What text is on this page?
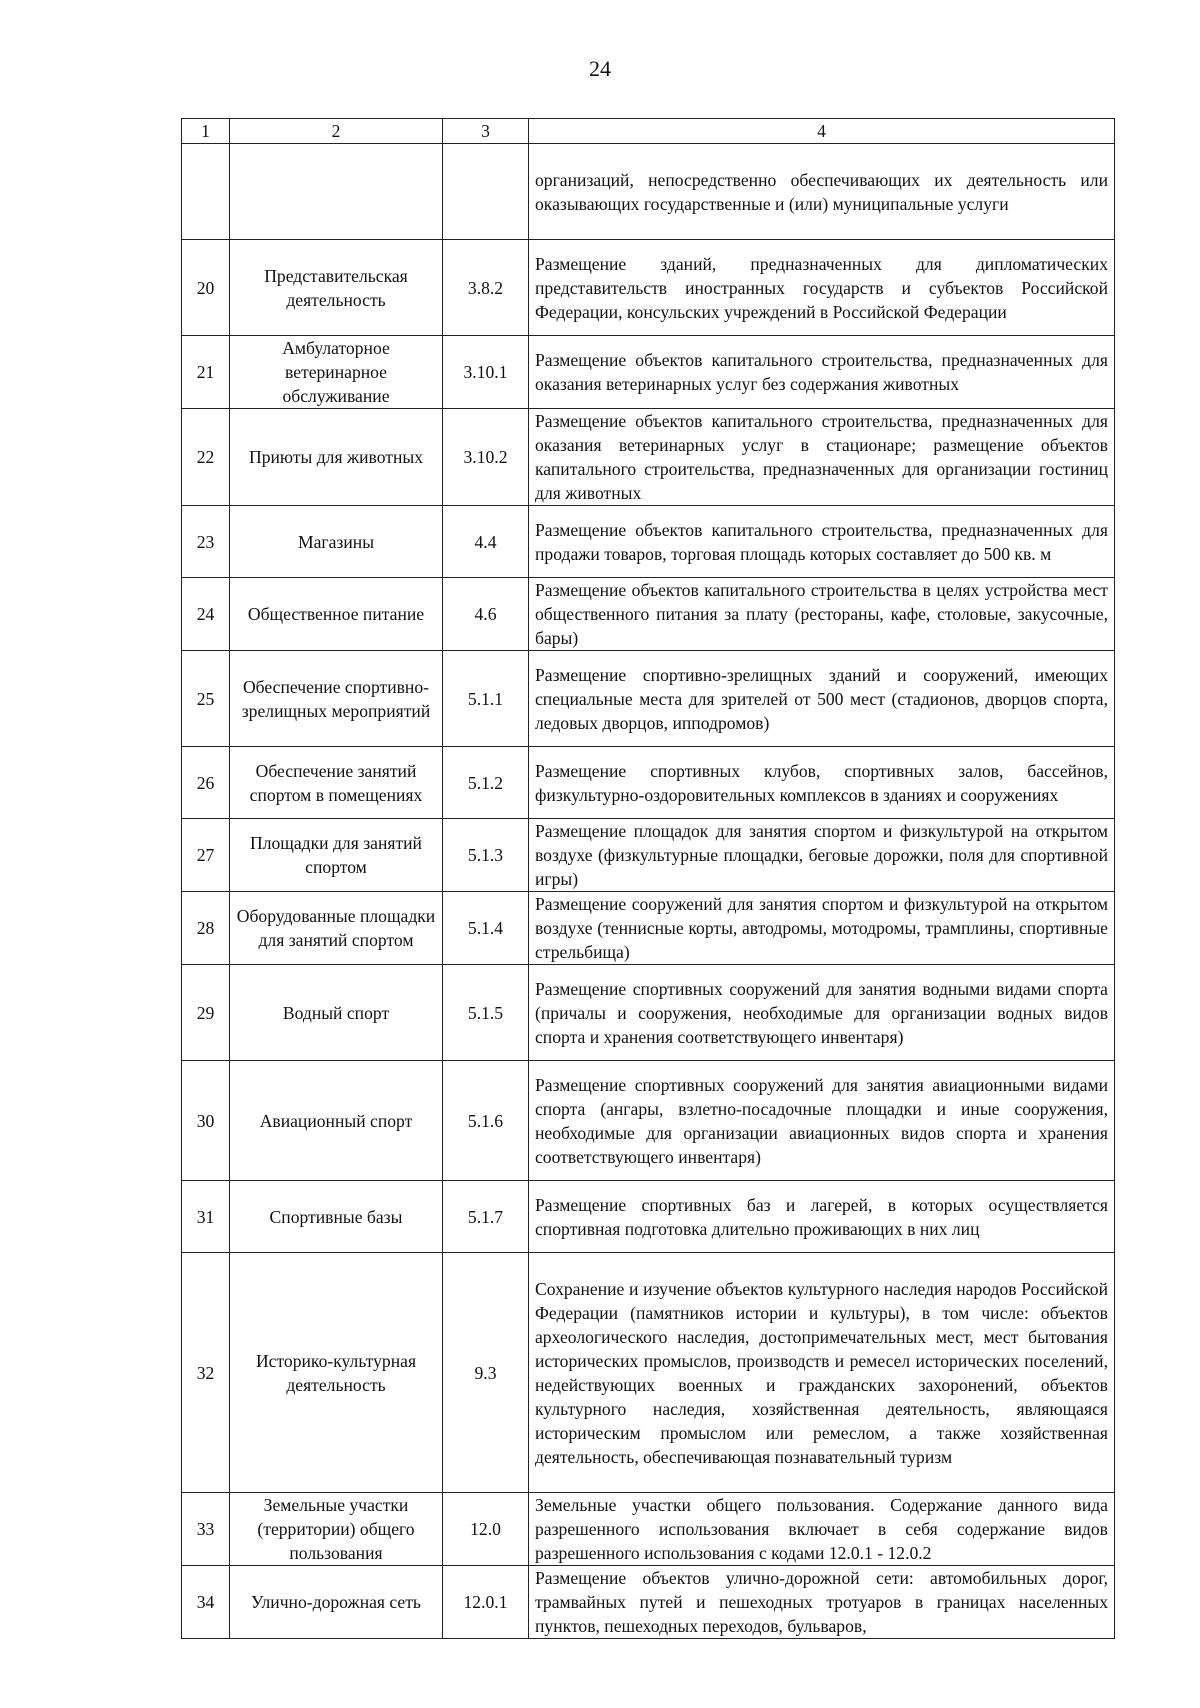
24
1	2	3	4
			организаций, непосредственно обеспечивающих их деятельность или оказывающих государственные и (или) муниципальные услуги
20	Представительская деятельность	3.8.2	Размещение зданий, предназначенных для дипломатических представительств иностранных государств и субъектов Российской Федерации, консульских учреждений в Российской Федерации
21	Амбулаторное ветеринарное обслуживание	3.10.1	Размещение объектов капитального строительства, предназначенных для оказания ветеринарных услуг без содержания животных
22	Приюты для животных	3.10.2	Размещение объектов капитального строительства, предназначенных для оказания ветеринарных услуг в стационаре; размещение объектов капитального строительства, предназначенных для организации гостиниц для животных
23	Магазины	4.4	Размещение объектов капитального строительства, предназначенных для продажи товаров, торговая площадь которых составляет до 500 кв. м
24	Общественное питание	4.6	Размещение объектов капитального строительства в целях устройства мест общественного питания за плату (рестораны, кафе, столовые, закусочные, бары)
25	Обеспечение спортивно-зрелищных мероприятий	5.1.1	Размещение спортивно-зрелищных зданий и сооружений, имеющих специальные места для зрителей от 500 мест (стадионов, дворцов спорта, ледовых дворцов, ипподромов)
26	Обеспечение занятий спортом в помещениях	5.1.2	Размещение спортивных клубов, спортивных залов, бассейнов, физкультурно-оздоровительных комплексов в зданиях и сооружениях
27	Площадки для занятий спортом	5.1.3	Размещение площадок для занятия спортом и физкультурой на открытом воздухе (физкультурные площадки, беговые дорожки, поля для спортивной игры)
28	Оборудованные площадки для занятий спортом	5.1.4	Размещение сооружений для занятия спортом и физкультурой на открытом воздухе (теннисные корты, автодромы, мотодромы, трамплины, спортивные стрельбища)
29	Водный спорт	5.1.5	Размещение спортивных сооружений для занятия водными видами спорта (причалы и сооружения, необходимые для организации водных видов спорта и хранения соответствующего инвентаря)
30	Авиационный спорт	5.1.6	Размещение спортивных сооружений для занятия авиационными видами спорта (ангары, взлетно-посадочные площадки и иные сооружения, необходимые для организации авиационных видов спорта и хранения соответствующего инвентаря)
31	Спортивные базы	5.1.7	Размещение спортивных баз и лагерей, в которых осуществляется спортивная подготовка длительно проживающих в них лиц
32	Историко-культурная деятельность	9.3	Сохранение и изучение объектов культурного наследия народов Российской Федерации (памятников истории и культуры), в том числе: объектов археологического наследия, достопримечательных мест, мест бытования исторических промыслов, производств и ремесел исторических поселений, недействующих военных и гражданских захоронений, объектов культурного наследия, хозяйственная деятельность, являющаяся историческим промыслом или ремеслом, а также хозяйственная деятельность, обеспечивающая познавательный туризм
33	Земельные участки (территории) общего пользования	12.0	Земельные участки общего пользования. Содержание данного вида разрешенного использования включает в себя содержание видов разрешенного использования с кодами 12.0.1 - 12.0.2
34	Улично-дорожная сеть	12.0.1	Размещение объектов улично-дорожной сети: автомобильных дорог, трамвайных путей и пешеходных тротуаров в границах населенных пунктов, пешеходных переходов, бульваров,
